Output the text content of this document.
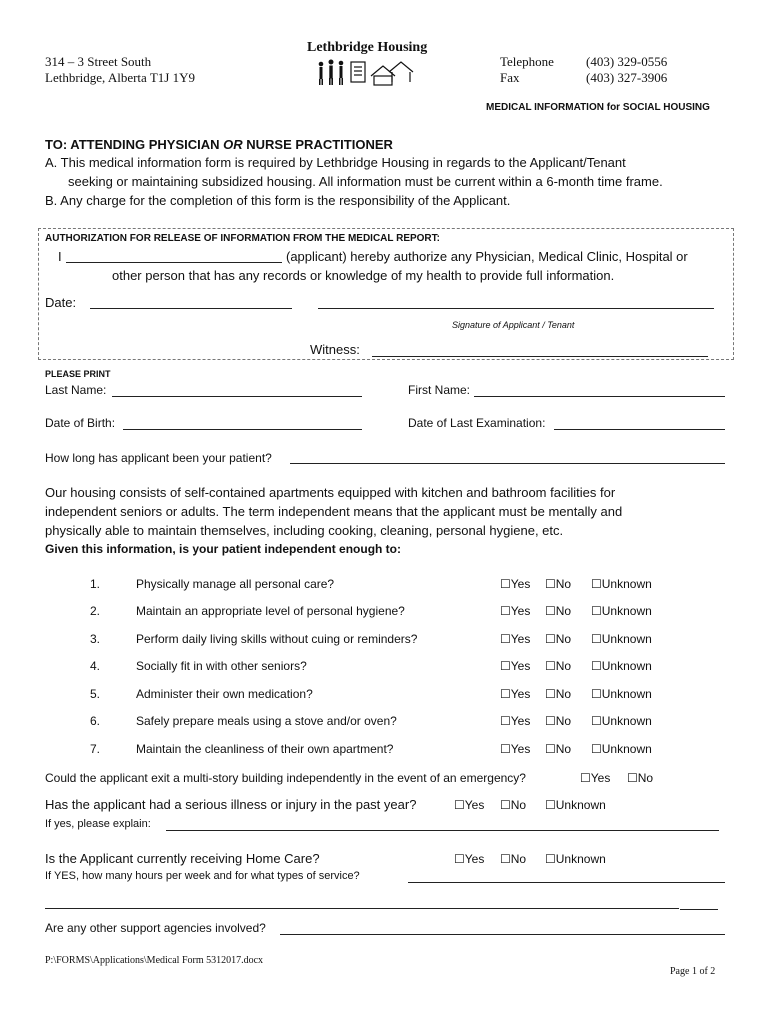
314 – 3 Street South
Lethbridge, Alberta T1J 1Y9
Lethbridge Housing
Telephone (403) 329-0556
Fax	(403) 327-3906
MEDICAL INFORMATION for SOCIAL HOUSING
TO: ATTENDING PHYSICIAN OR NURSE PRACTITIONER
A. This medical information form is required by Lethbridge Housing in regards to the Applicant/Tenant
seeking or maintaining subsidized housing. All information must be current within a 6-month time frame.
B. Any charge for the completion of this form is the responsibility of the Applicant.
AUTHORIZATION FOR RELEASE OF INFORMATION FROM THE MEDICAL REPORT:
I	(applicant) hereby authorize any Physician, Medical Clinic, Hospital or
other person that has any records or knowledge of my health to provide full information.
Date:
Signature of Applicant / Tenant
Witness:
PLEASE PRINT
Last Name:	First Name:
Date of Birth:	Date of Last Examination:
How long has applicant been your patient?
Our housing consists of self-contained apartments equipped with kitchen and bathroom facilities for
independent seniors or adults. The term independent means that the applicant must be mentally and
physically able to maintain themselves, including cooking, cleaning, personal hygiene, etc.
Given this information, is your patient independent enough to:
1.	Physically manage all personal care?	☐Yes ☐No ☐Unknown
2.	Maintain an appropriate level of personal hygiene?	☐Yes ☐No ☐Unknown
3.	Perform daily living skills without cuing or reminders?	☐Yes ☐No ☐Unknown
4.	Socially fit in with other seniors?	☐Yes ☐No ☐Unknown
5.	Administer their own medication?	☐Yes ☐No ☐Unknown
6.	Safely prepare meals using a stove and/or oven?	☐Yes ☐No ☐Unknown
7.	Maintain the cleanliness of their own apartment?	☐Yes ☐No ☐Unknown
Could the applicant exit a multi-story building independently in the event of an emergency?	☐Yes ☐No
Has the applicant had a serious illness or injury in the past year?	☐Yes ☐No ☐Unknown
If yes, please explain:
Is the Applicant currently receiving Home Care?	☐Yes ☐No ☐Unknown
If YES, how many hours per week and for what types of service?
Are any other support agencies involved?
P:\FORMS\Applications\Medical Form 5312017.docx
Page 1 of 2
